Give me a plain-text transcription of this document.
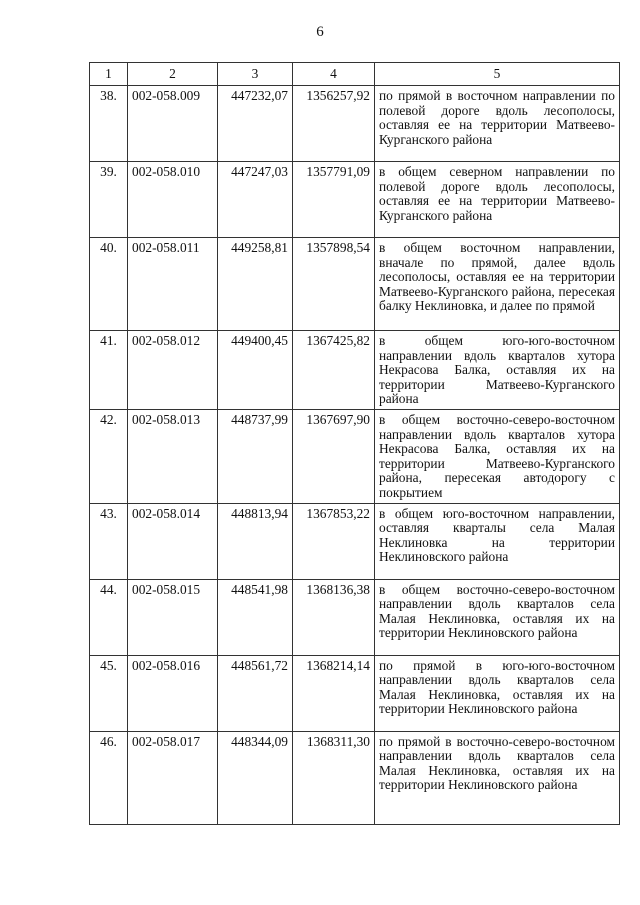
6
1	2	3	4	5
38.	002-058.009	447232,07	1356257,92	по прямой в восточном направлении по полевой дороге вдоль лесополосы, оставляя ее на территории Матвеево-Курганского района
39.	002-058.010	447247,03	1357791,09	в общем северном направлении по полевой дороге вдоль лесополосы, оставляя ее на территории Матвеево-Курганского района
40.	002-058.011	449258,81	1357898,54	в общем восточном направлении, вначале по прямой, далее вдоль лесополосы, оставляя ее на территории Матвеево-Курганского района, пересекая балку Неклиновка, и далее по прямой
41.	002-058.012	449400,45	1367425,82	в общем юго-юго-восточном направлении вдоль кварталов хутора Некрасова Балка, оставляя их на территории Матвеево-Курганского района
42.	002-058.013	448737,99	1367697,90	в общем восточно-северо-восточном направлении вдоль кварталов хутора Некрасова Балка, оставляя их на территории Матвеево-Курганского района, пересекая автодорогу с покрытием
43.	002-058.014	448813,94	1367853,22	в общем юго-восточном направлении, оставляя кварталы села Малая Неклиновка на территории Неклиновского района
44.	002-058.015	448541,98	1368136,38	в общем восточно-северо-восточном направлении вдоль кварталов села Малая Неклиновка, оставляя их на территории Неклиновского района
45.	002-058.016	448561,72	1368214,14	по прямой в юго-юго-восточном направлении вдоль кварталов села Малая Неклиновка, оставляя их на территории Неклиновского района
46.	002-058.017	448344,09	1368311,30	по прямой в восточно-северо-восточном направлении вдоль кварталов села Малая Неклиновка, оставляя их на территории Неклиновского района
